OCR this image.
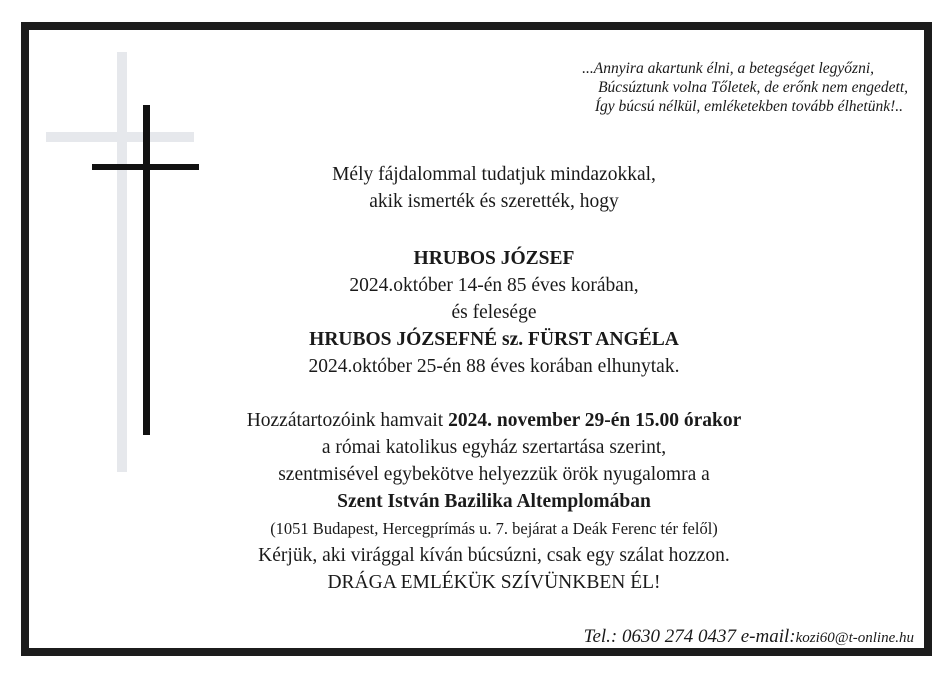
...Annyira akartunk élni, a betegséget legyőzni,
Búcsúztunk volna Tőletek, de erőnk nem engedett,
Így búcsú nélkül, emléketekben tovább élhetünk!..
Mély fájdalommal tudatjuk mindazokkal,
akik ismerték és szerették, hogy
HRUBOS JÓZSEF
2024.október 14-én 85 éves korában,
és felesége
HRUBOS JÓZSEFNÉ sz. FÜRST ANGÉLA
2024.október 25-én 88 éves korában elhunytak.
Hozzátartozóink hamvait 2024. november 29-én 15.00 órakor
a római katolikus egyház szertartása szerint,
szentmisével egybekötve helyezzük örök nyugalomra a
Szent István Bazilika Altemplomában
(1051 Budapest, Hercegprímás u. 7. bejárat a Deák Ferenc tér felől)
Kérjük, aki virággal kíván búcsúzni, csak egy szálat hozzon.
DRÁGA EMLÉKÜK SZÍVÜNKBEN ÉL!
Tel.: 0630 274 0437 e-mail:kozi60@t-online.hu
